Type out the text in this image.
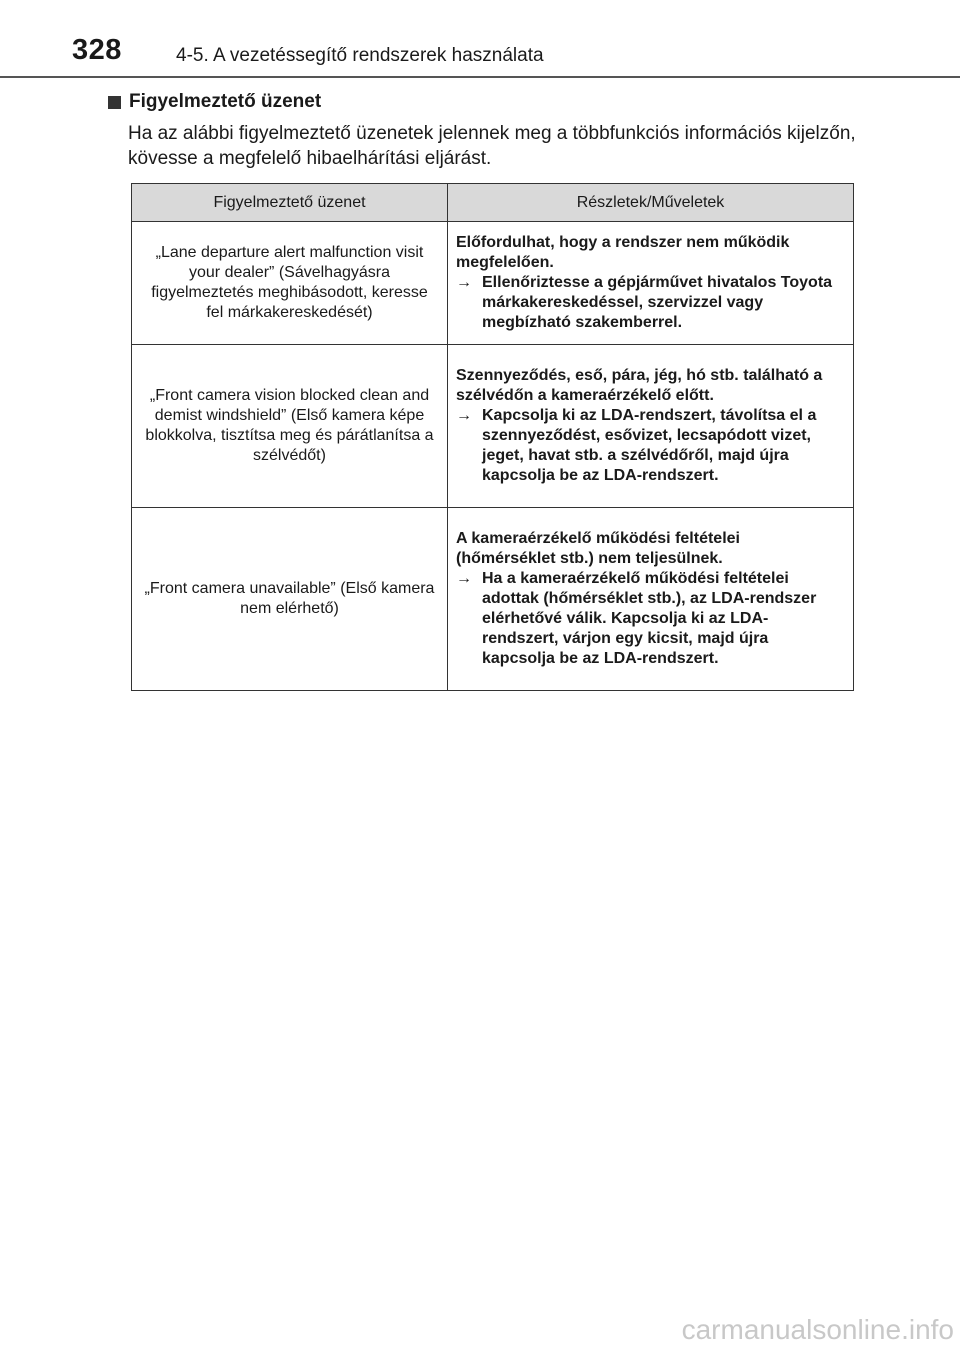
328	4-5. A vezetéssegítő rendszerek használata
Figyelmeztető üzenet
Ha az alábbi figyelmeztető üzenetek jelennek meg a többfunkciós információs kijelzőn, kövesse a megfelelő hibaelhárítási eljárást.
Figyelmeztető üzenet	Részletek/Műveletek
„Lane departure alert malfunction visit your dealer” (Sávelhagyásra figyelmeztetés meghibásodott, keresse fel márkakereskedését)	Előfordulhat, hogy a rendszer nem működik megfelelően.
→ Ellenőriztesse a gépjárművet hivatalos Toyota márkakereskedéssel, szervizzel vagy megbízható szakemberrel.

„Front camera vision blocked clean and demist windshield” (Első kamera képe blokkolva, tisztítsa meg és párátlanítsa a szélvédőt)	Szennyeződés, eső, pára, jég, hó stb. található a szélvédőn a kameraérzékelő előtt.
→ Kapcsolja ki az LDA-rendszert, távolítsa el a szennyeződést, esővizet, lecsapódott vizet, jeget, havat stb. a szélvédőről, majd újra kapcsolja be az LDA-rendszert.

„Front camera unavailable” (Első kamera nem elérhető)	A kameraérzékelő működési feltételei (hőmérséklet stb.) nem teljesülnek.
→ Ha a kameraérzékelő működési feltételei adottak (hőmérséklet stb.), az LDA-rendszer elérhetővé válik. Kapcsolja ki az LDA-rendszert, várjon egy kicsit, majd újra kapcsolja be az LDA-rendszert.
carmanualsonline.info
